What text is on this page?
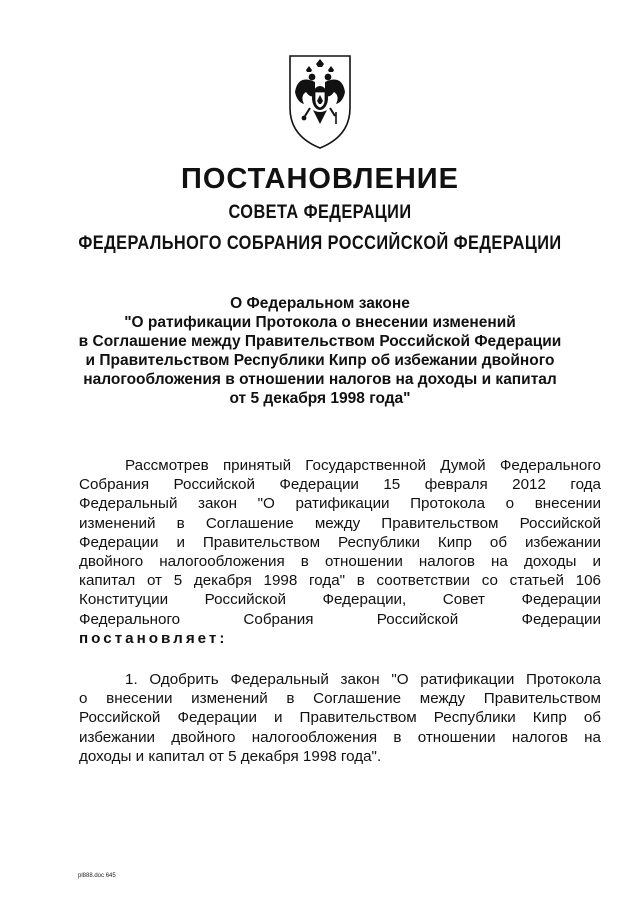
ПОСТАНОВЛЕНИЕ
СОВЕТА ФЕДЕРАЦИИ
ФЕДЕРАЛЬНОГО СОБРАНИЯ РОССИЙСКОЙ ФЕДЕРАЦИИ
О Федеральном законе
"О ратификации Протокола о внесении изменений
в Соглашение между Правительством Российской Федерации
и Правительством Республики Кипр об избежании двойного
налогообложения в отношении налогов на доходы и капитал
от 5 декабря 1998 года"
Рассмотрев принятый Государственной Думой Федерального
Собрания Российской Федерации 15 февраля 2012 года
Федеральный закон "О ратификации Протокола о внесении
изменений в Соглашение между Правительством Российской
Федерации и Правительством Республики Кипр об избежании
двойного налогообложения в отношении налогов на доходы и
капитал от 5 декабря 1998 года" в соответствии со статьей 106
Конституции Российской Федерации, Совет Федерации
Федерального Собрания Российской Федерации
постановляет:
1. Одобрить Федеральный закон "О ратификации Протокола
о внесении изменений в Соглашение между Правительством
Российской Федерации и Правительством Республики Кипр об
избежании двойного налогообложения в отношении налогов на
доходы и капитал от 5 декабря 1998 года".
pl888.doc 645
